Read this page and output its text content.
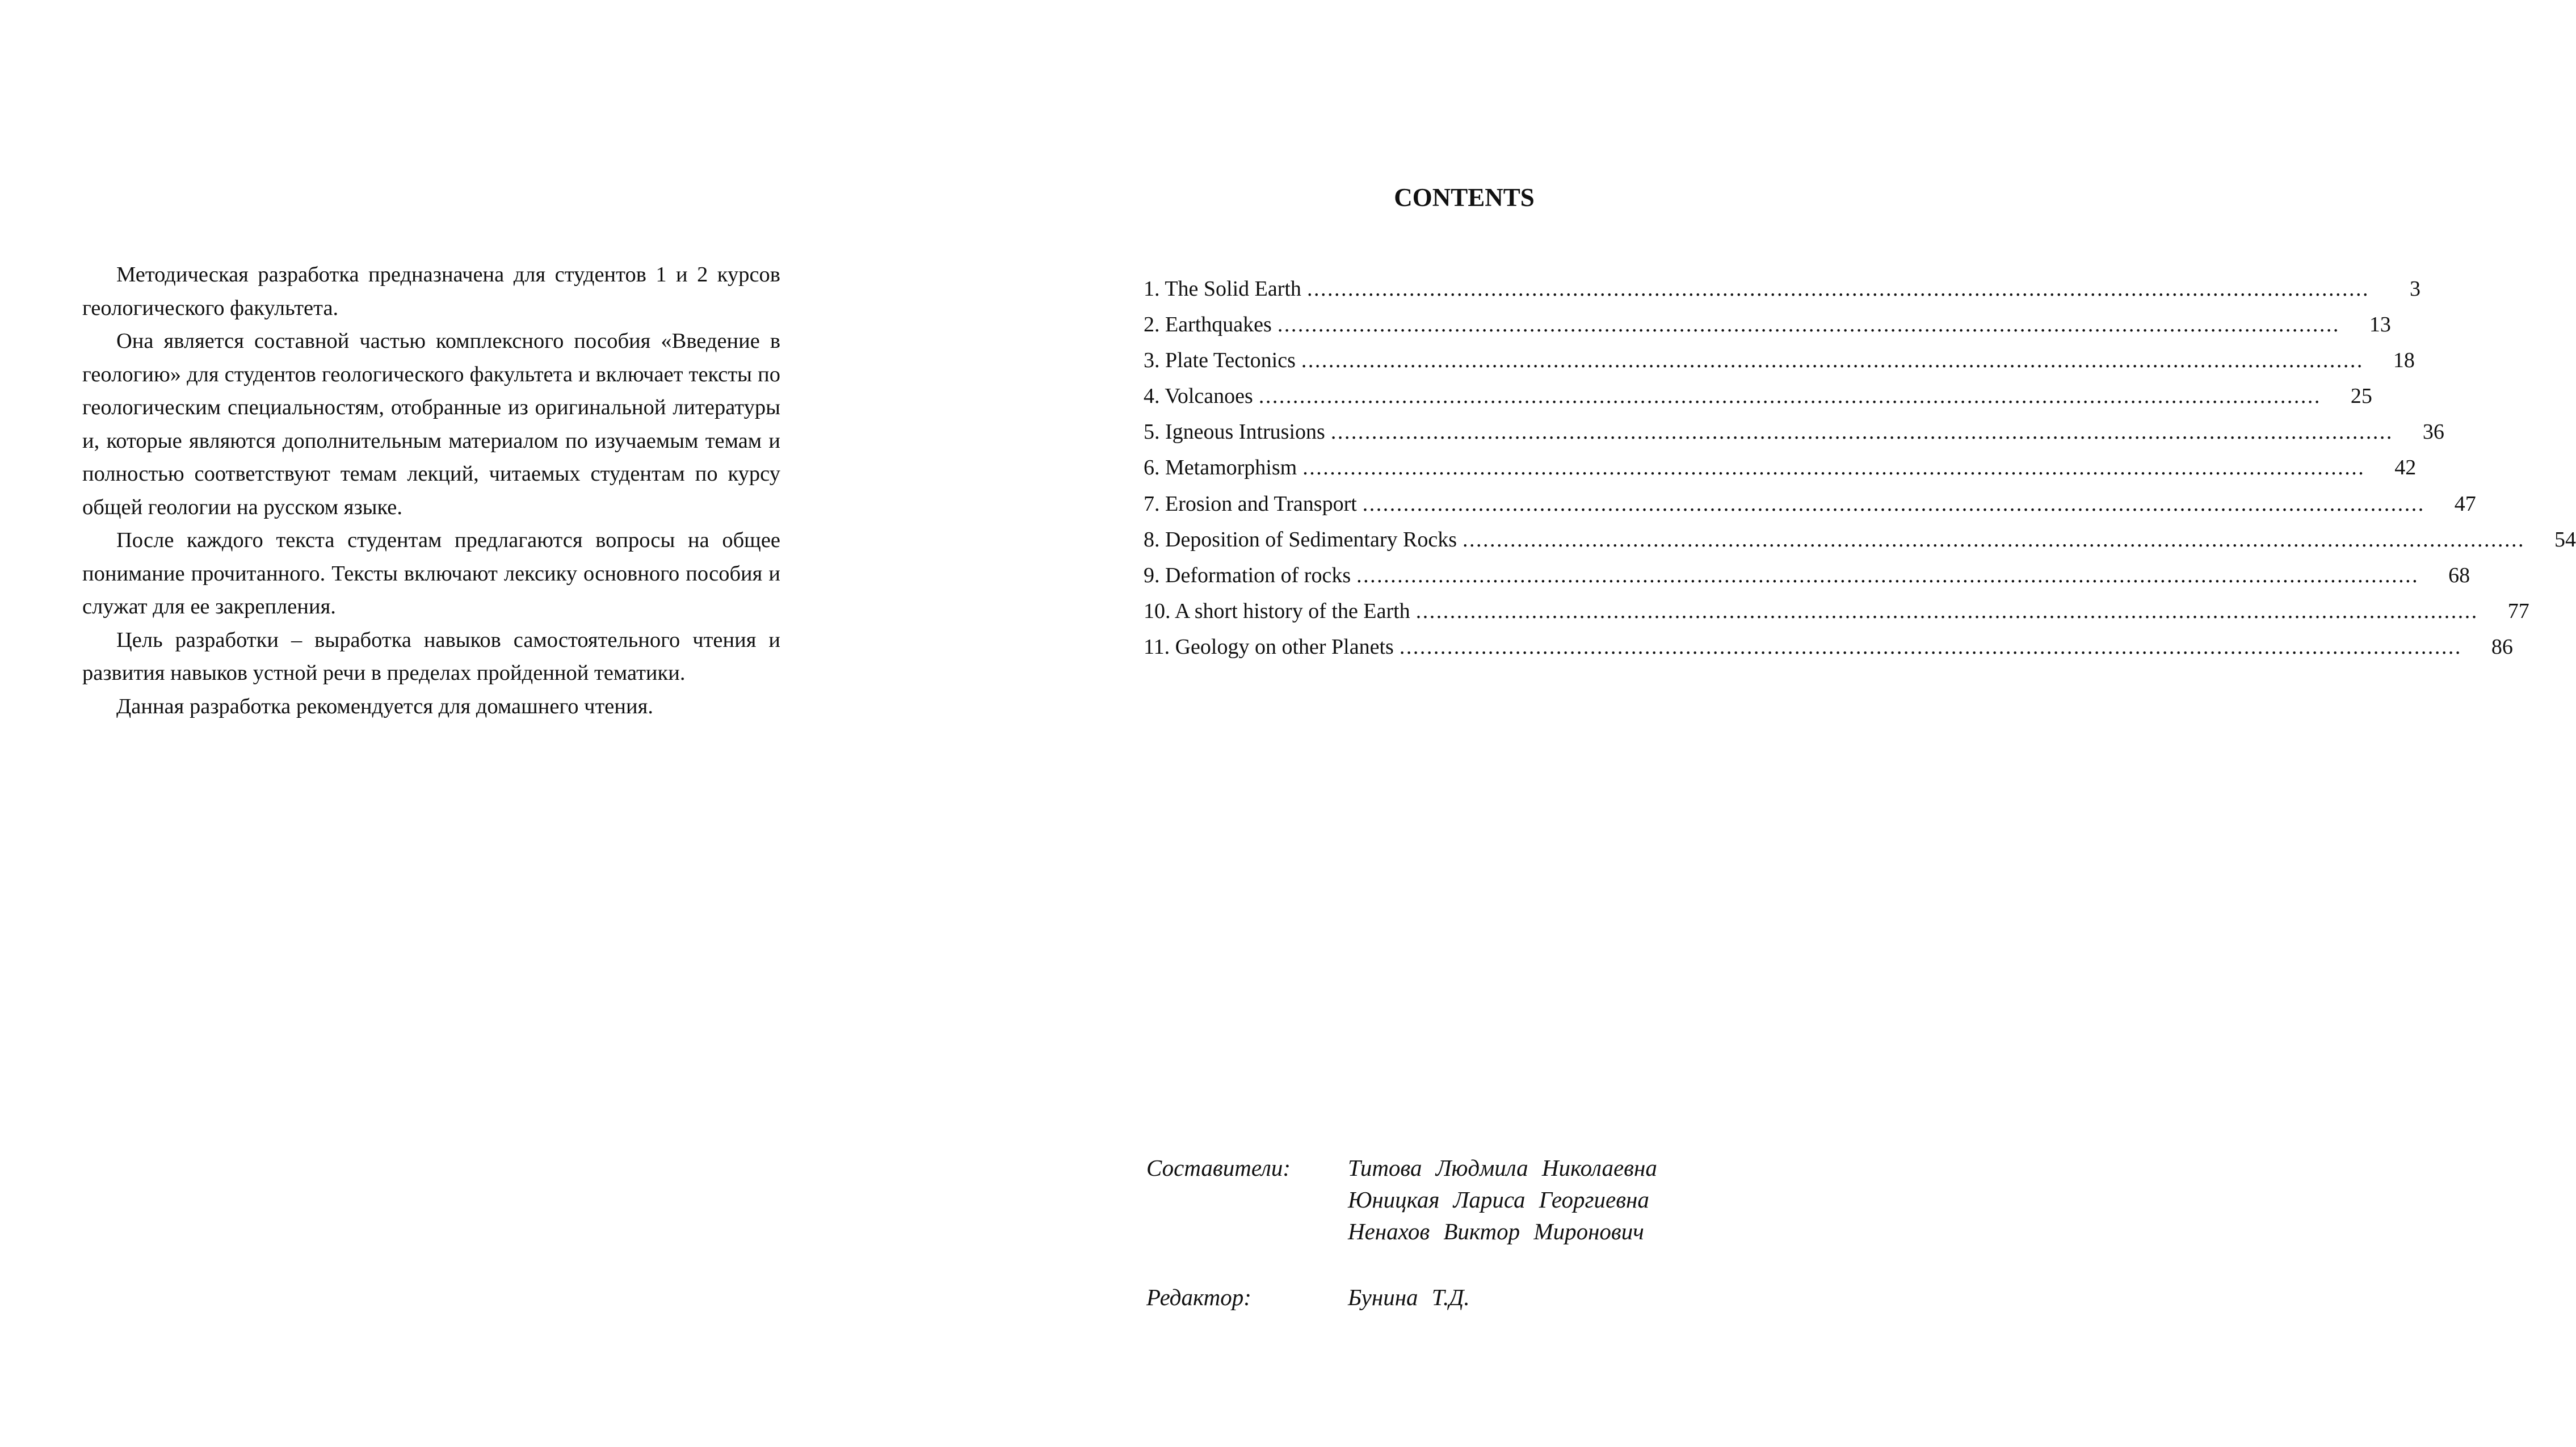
Методическая разработка предназначена для студентов 1 и 2 курсов геологического факультета.

Она является составной частью комплексного пособия «Введение в геологию» для студентов геологического факультета и включает тексты по геологическим специальностям, отобранные из оригинальной литературы и, которые являются дополнительным материалом по изучаемым темам и полностью соответствуют темам лекций, читаемых студентам по курсу общей геологии на русском языке.

После каждого текста студентам предлагаются вопросы на общее понимание прочитанного. Тексты включают лексику основного пособия и служат для ее закрепления.

Цель разработки – выработка навыков самостоятельного чтения и развития навыков устной речи в пределах пройденной тематики.

Данная разработка рекомендуется для домашнего чтения.

CONTENTS
1. The Solid Earth ............................................................................................................................................................	3
2. Earthquakes ............................................................................................................................................................ 13
3. Plate Tectonics ............................................................................................................................................................ 18
4. Volcanoes ............................................................................................................................................................ 25
5. Igneous Intrusions ............................................................................................................................................................ 36
6. Metamorphism ............................................................................................................................................................ 42
7. Erosion and Transport ............................................................................................................................................................ 47
8. Deposition of Sedimentary Rocks ............................................................................................................................................................ 54
9. Deformation of rocks ............................................................................................................................................................ 68
10. A short history of the Earth ............................................................................................................................................................ 77
11. Geology on other Planets ............................................................................................................................................................ 86
Составители:	Титова Людмила Николаевна
Юницкая Лариса Георгиевна
Ненахов Виктор Миронович
Редактор:	Бунина Т.Д.
